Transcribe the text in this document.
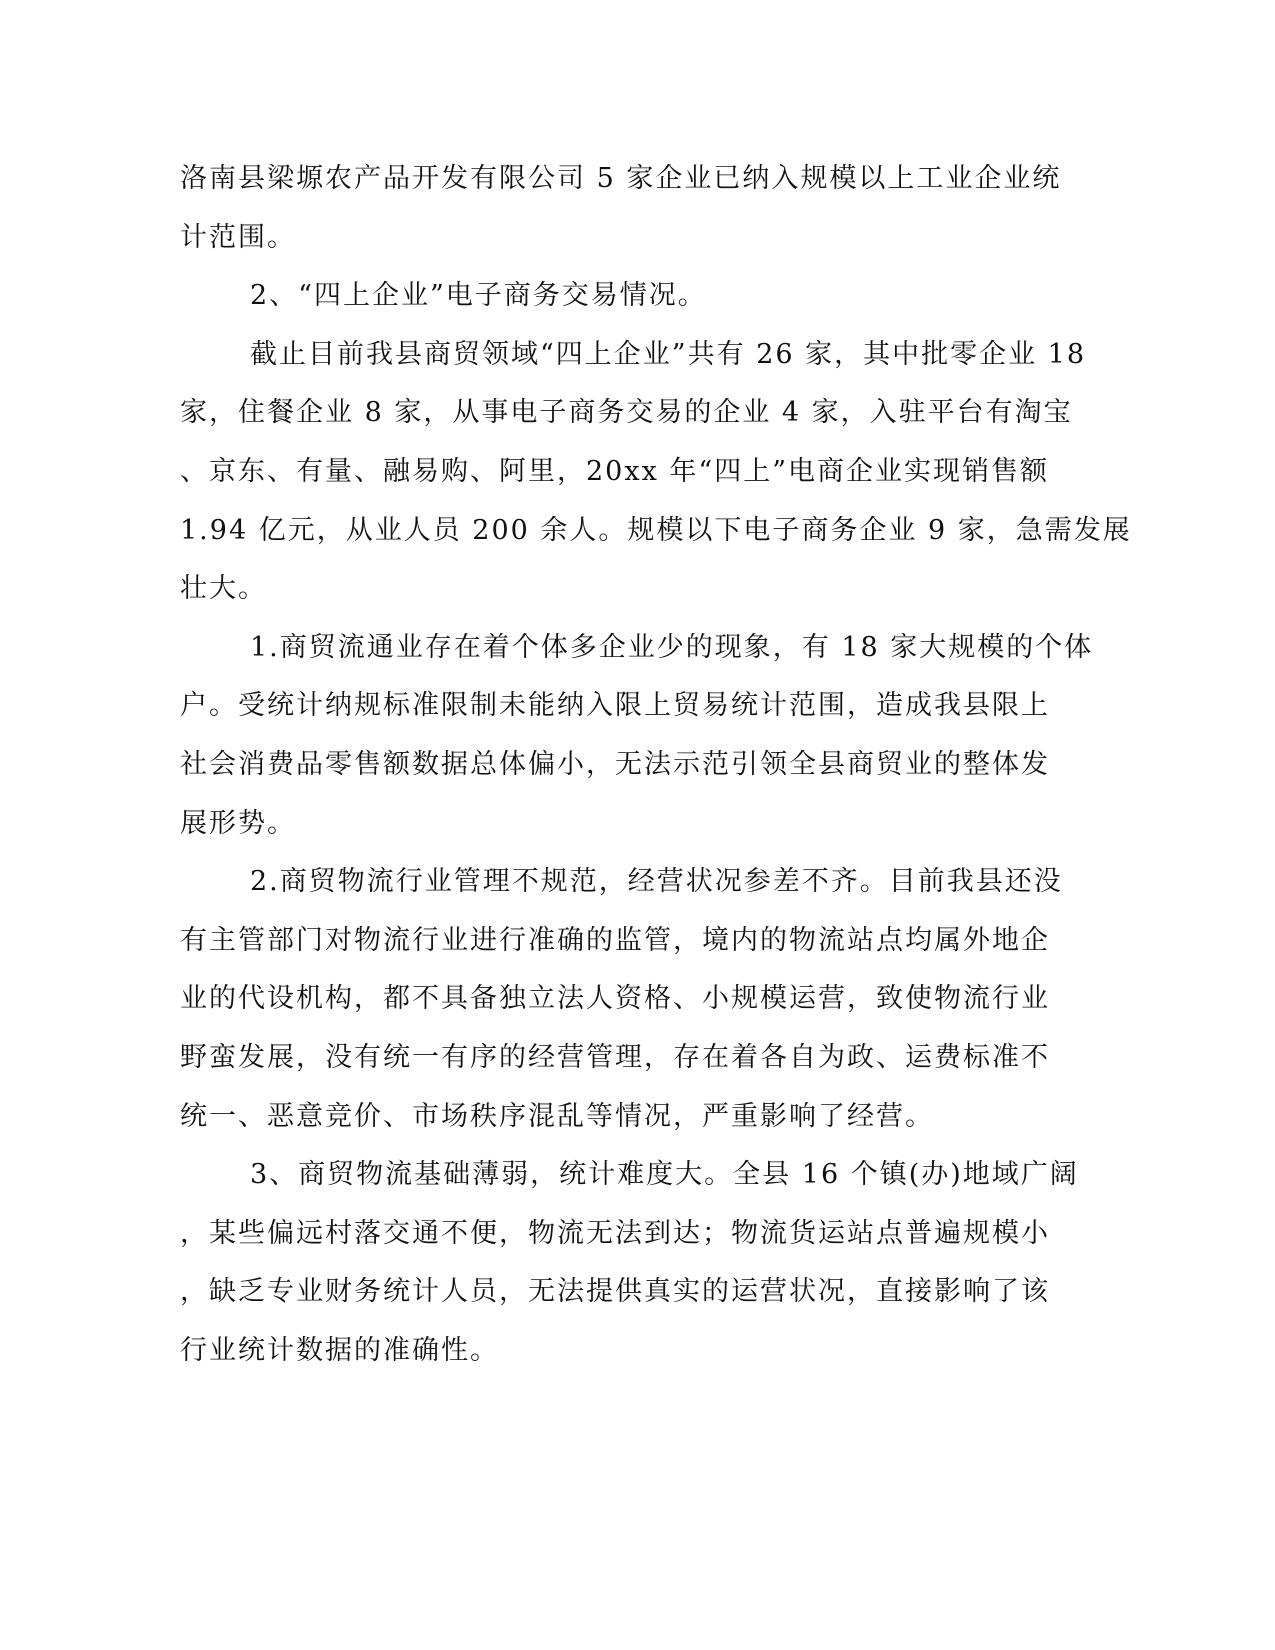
洛南县梁塬农产品开发有限公司 5 家企业已纳入规模以上工业企业统
计范围。
2、“四上企业”电子商务交易情况。
截止目前我县商贸领域“四上企业”共有 26 家，其中批零企业 18
家，住餐企业 8 家，从事电子商务交易的企业 4 家，入驻平台有淘宝
、京东、有量、融易购、阿里，20xx 年“四上”电商企业实现销售额
1.94 亿元，从业人员 200 余人。规模以下电子商务企业 9 家，急需发展
壮大。
1.商贸流通业存在着个体多企业少的现象，有 18 家大规模的个体
户。受统计纳规标准限制未能纳入限上贸易统计范围，造成我县限上
社会消费品零售额数据总体偏小，无法示范引领全县商贸业的整体发
展形势。
2.商贸物流行业管理不规范，经营状况参差不齐。目前我县还没
有主管部门对物流行业进行准确的监管，境内的物流站点均属外地企
业的代设机构，都不具备独立法人资格、小规模运营，致使物流行业
野蛮发展，没有统一有序的经营管理，存在着各自为政、运费标准不
统一、恶意竞价、市场秩序混乱等情况，严重影响了经营。
3、商贸物流基础薄弱，统计难度大。全县 16 个镇(办)地域广阔
，某些偏远村落交通不便，物流无法到达；物流货运站点普遍规模小
，缺乏专业财务统计人员，无法提供真实的运营状况，直接影响了该
行业统计数据的准确性。
